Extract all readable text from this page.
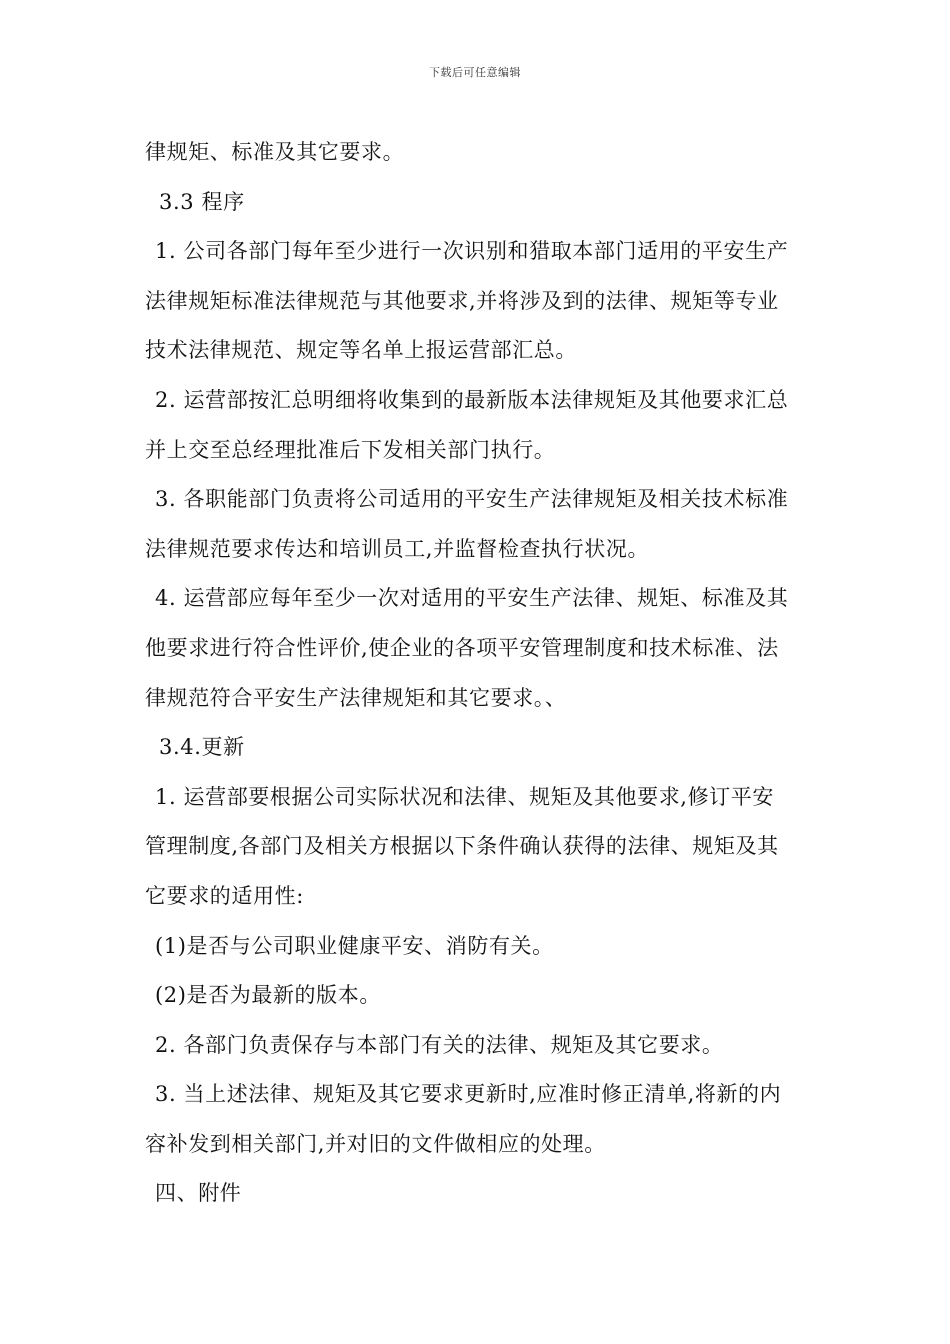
下载后可任意编辑
律规矩、标准及其它要求。
3.3 程序
1. 公司各部门每年至少进行一次识别和猎取本部门适用的平安生产
法律规矩标准法律规范与其他要求,并将涉及到的法律、规矩等专业
技术法律规范、规定等名单上报运营部汇总。
2. 运营部按汇总明细将收集到的最新版本法律规矩及其他要求汇总
并上交至总经理批准后下发相关部门执行。
3. 各职能部门负责将公司适用的平安生产法律规矩及相关技术标准
法律规范要求传达和培训员工,并监督检查执行状况。
4. 运营部应每年至少一次对适用的平安生产法律、规矩、标准及其
他要求进行符合性评价,使企业的各项平安管理制度和技术标准、法
律规范符合平安生产法律规矩和其它要求。、
3.4.更新
1. 运营部要根据公司实际状况和法律、规矩及其他要求,修订平安
管理制度,各部门及相关方根据以下条件确认获得的法律、规矩及其
它要求的适用性:
(1)是否与公司职业健康平安、消防有关。
(2)是否为最新的版本。
2. 各部门负责保存与本部门有关的法律、规矩及其它要求。
3. 当上述法律、规矩及其它要求更新时,应准时修正清单,将新的内
容补发到相关部门,并对旧的文件做相应的处理。
四、附件
